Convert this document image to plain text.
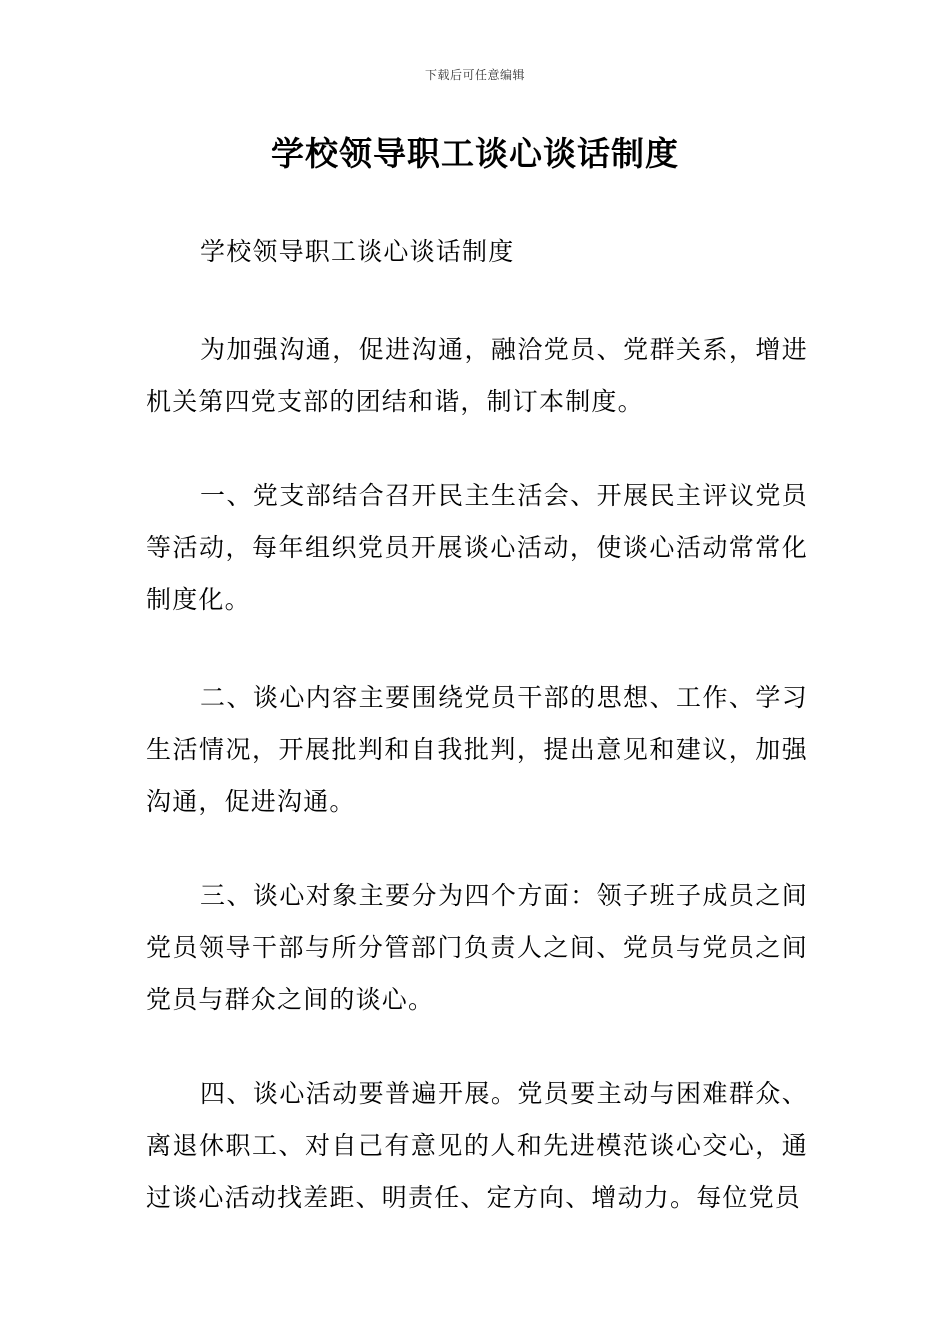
下载后可任意编辑
学校领导职工谈心谈话制度
学校领导职工谈心谈话制度
为加强沟通，促进沟通，融洽党员、党群关系，增进机关第四党支部的团结和谐，制订本制度。
一、党支部结合召开民主生活会、开展民主评议党员等活动，每年组织党员开展谈心活动，使谈心活动常常化制度化。
二、谈心内容主要围绕党员干部的思想、工作、学习生活情况，开展批判和自我批判，提出意见和建议，加强沟通，促进沟通。
三、谈心对象主要分为四个方面：领子班子成员之间党员领导干部与所分管部门负责人之间、党员与党员之间党员与群众之间的谈心。
四、谈心活动要普遍开展。党员要主动与困难群众、离退休职工、对自己有意见的人和先进模范谈心交心，通过谈心活动找差距、明责任、定方向、增动力。每位党员
